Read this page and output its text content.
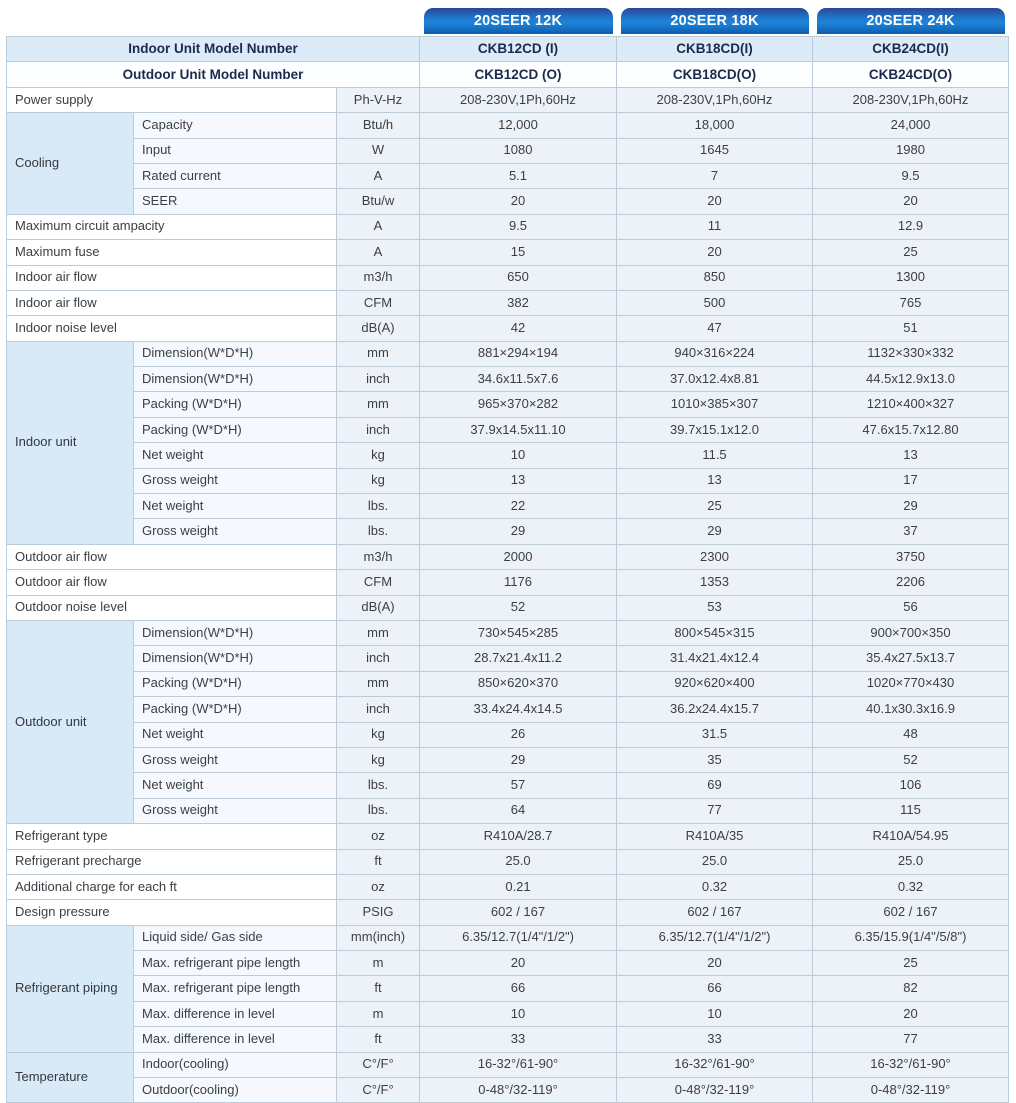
20SEER 12K	20SEER 18K	20SEER 24K

Indoor Unit Model Number			CKB12CD (I)	CKB18CD(I)	CKB24CD(I)
Outdoor Unit Model Number			CKB12CD (O)	CKB18CD(O)	CKB24CD(O)
Power supply		Ph-V-Hz	208-230V,1Ph,60Hz	208-230V,1Ph,60Hz	208-230V,1Ph,60Hz
Cooling	Capacity	Btu/h	12,000	18,000	24,000
	Input	W	1080	1645	1980
	Rated current	A	5.1	7	9.5
	SEER	Btu/w	20	20	20
Maximum circuit ampacity		A	9.5	11	12.9
Maximum fuse		A	15	20	25
Indoor air flow		m3/h	650	850	1300
Indoor air flow		CFM	382	500	765
Indoor noise level		dB(A)	42	47	51
Indoor unit	Dimension(W*D*H)	mm	881×294×194	940×316×224	1132×330×332
	Dimension(W*D*H)	inch	34.6x11.5x7.6	37.0x12.4x8.81	44.5x12.9x13.0
	Packing (W*D*H)	mm	965×370×282	1010×385×307	1210×400×327
	Packing (W*D*H)	inch	37.9x14.5x11.10	39.7x15.1x12.0	47.6x15.7x12.80
	Net weight	kg	10	11.5	13
	Gross weight	kg	13	13	17
	Net weight	lbs.	22	25	29
	Gross weight	lbs.	29	29	37
Outdoor air flow		m3/h	2000	2300	3750
Outdoor air flow		CFM	1176	1353	2206
Outdoor noise level		dB(A)	52	53	56
Outdoor unit	Dimension(W*D*H)	mm	730×545×285	800×545×315	900×700×350
	Dimension(W*D*H)	inch	28.7x21.4x11.2	31.4x21.4x12.4	35.4x27.5x13.7
	Packing (W*D*H)	mm	850×620×370	920×620×400	1020×770×430
	Packing (W*D*H)	inch	33.4x24.4x14.5	36.2x24.4x15.7	40.1x30.3x16.9
	Net weight	kg	26	31.5	48
	Gross weight	kg	29	35	52
	Net weight	lbs.	57	69	106
	Gross weight	lbs.	64	77	115
Refrigerant type		oz	R410A/28.7	R410A/35	R410A/54.95
Refrigerant precharge		ft	25.0	25.0	25.0
Additional charge for each ft		oz	0.21	0.32	0.32
Design pressure		PSIG	602 / 167	602 / 167	602 / 167
Refrigerant piping	Liquid side/ Gas side	mm(inch)	6.35/12.7(1/4"/1/2")	6.35/12.7(1/4"/1/2")	6.35/15.9(1/4"/5/8")
	Max. refrigerant pipe length	m	20	20	25
	Max. refrigerant pipe length	ft	66	66	82
	Max. difference in level	m	10	10	20
	Max. difference in level	ft	33	33	77
Temperature	Indoor(cooling)	C°/F°	16-32°/61-90°	16-32°/61-90°	16-32°/61-90°
	Outdoor(cooling)	C°/F°	0-48°/32-119°	0-48°/32-119°	0-48°/32-119°
